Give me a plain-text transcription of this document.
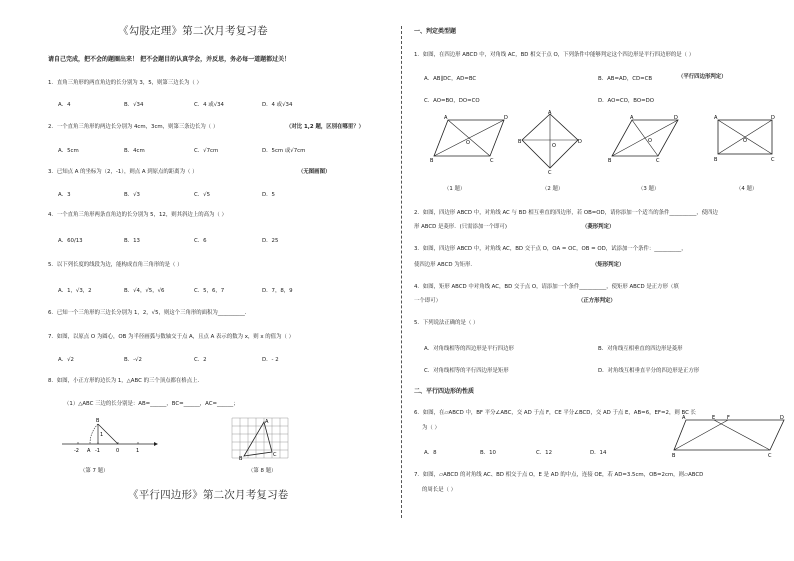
《勾股定理》第二次月考复习卷
请自己完成，把不会的题圈出来！ 把不会题目的认真学会，并反思，务必每一道题都过关！
1．直角三角形的两直角边的长分别为 3，5，则第三边长为（ ）
A．4	B．√34	C．4 或√34	D．4 或√34
2．一个直角三角形的两边长分别为 4cm，3cm，则第三条边长为（ ）	（对比 1,2 题，区别在哪里？）
A．5cm	B．4cm	C．√7cm	D．5cm 或√7cm
3．已知点 A 的坐标为（2，-1），则点 A 到原点的距离为（ ）	（无图画图）
A．3	B．√3	C．√5	D．5
4．一个直角三角形两条直角边的长分别为 5，12，则其斜边上的高为（ ）
A．60/13	B．13	C．6	D．25
5．以下列长度的线段为边，能构成直角三角形的是（ ）
A．1，√3，2	B．√4，√5，√6	C．5，6，7	D．7，8，9
6．已知一个三角形的三边长分别为 1，2，√5，则这个三角形的面积为__________．
7．如图，以原点 O 为圆心，OB 为半径画弧与数轴交于点 A，且点 A 表示的数为 x，则 x 的值为（ ）
A．√2	B．-√2	C．2	D．- 2
8．如图，小正方形的边长为 1，△ABC 的三个顶点都在格点上．
（1）△ABC 三边的长分别是：AB=______，BC=______，AC=______；
-2 A -1	0	1
B
1
（第 7 题）
A
B
C
（第 8 题）
《平行四边形》第二次月考复习卷
一、判定类型题
1．如图，在四边形 ABCD 中，对角线 AC，BD 相交于点 O，下列条件中能够判定这个四边形是平行四边形的是（ ）
A．AB∥DC，AD=BC	B．AB=AD，CD=CB	（平行四边形判定）
C．AO=BO，DO=CO	D．AO=CO，BO=DO
A	D
O
B	C
（1 题）
A
B	D
O
C
（2 题）
A	D
O
B	C
（3 题）
A	D
O
B	C
（4 题）
2．如图，四边形 ABCD 中，对角线 AC 与 BD 相互垂直的四边形，若 OB=OD，请你添加一个适当的条件__________，使四边
形 ABCD 是菱形．(只需添加一个即可)	（菱形判定）
3．如图，四边形 ABCD 中，对角线 AC，BD 交于点 O，OA = OC，OB = OD，试添加一个条件：__________，
使四边形 ABCD 为矩形．	（矩形判定）
4．如图，矩形 ABCD 中对角线 AC，BD 交于点 O，请添加一个条件__________，使矩形 ABCD 是正方形（填
一个即可）	（正方形判定）
5．下列说法正确的是（ ）
A．对角线相等的四边形是平行四边形	B．对角线互相垂直的四边形是菱形
C．对角线相等的平行四边形是矩形	D．对角线互相垂直平分的四边形是正方形
二、平行四边形的性质
6．如图，在▱ABCD 中，BF 平分∠ABC，交 AD 于点 F，CE 平分∠BCD，交 AD 于点 E，AB=6，EF=2，则 BC 长
为（ ）
A．8	B．10	C．12	D．14
A	E F	D
B	C
7．如图，▱ABCD 的对角线 AC、BD 相交于点 O，E 是 AD 的中点，连接 OE，若 AD=3.5cm，OB=2cm，则▱ABCD
的周长是（ ）
